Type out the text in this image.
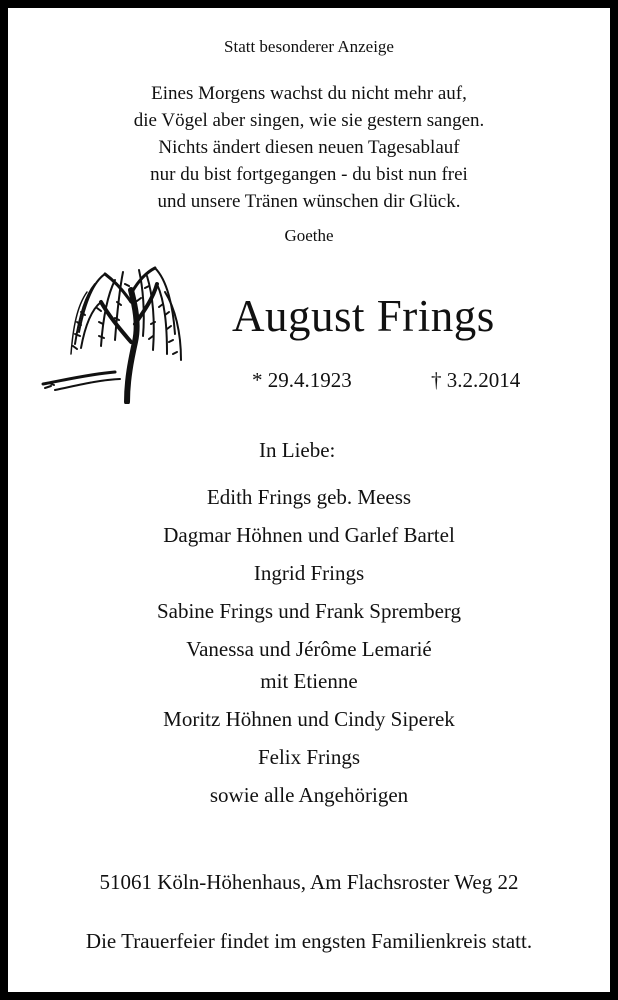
Statt besonderer Anzeige
Eines Morgens wachst du nicht mehr auf,
die Vögel aber singen, wie sie gestern sangen.
Nichts ändert diesen neuen Tagesablauf
nur du bist fortgegangen - du bist nun frei
und unsere Tränen wünschen dir Glück.
Goethe
August Frings
* 29.4.1923	† 3.2.2014
In Liebe:
Edith Frings geb. Meess
Dagmar Höhnen und Garlef Bartel
Ingrid Frings
Sabine Frings und Frank Spremberg
Vanessa und Jérôme Lemarié
mit Etienne
Moritz Höhnen und Cindy Siperek
Felix Frings
sowie alle Angehörigen
51061 Köln-Höhenhaus, Am Flachsroster Weg 22
Die Trauerfeier findet im engsten Familienkreis statt.
